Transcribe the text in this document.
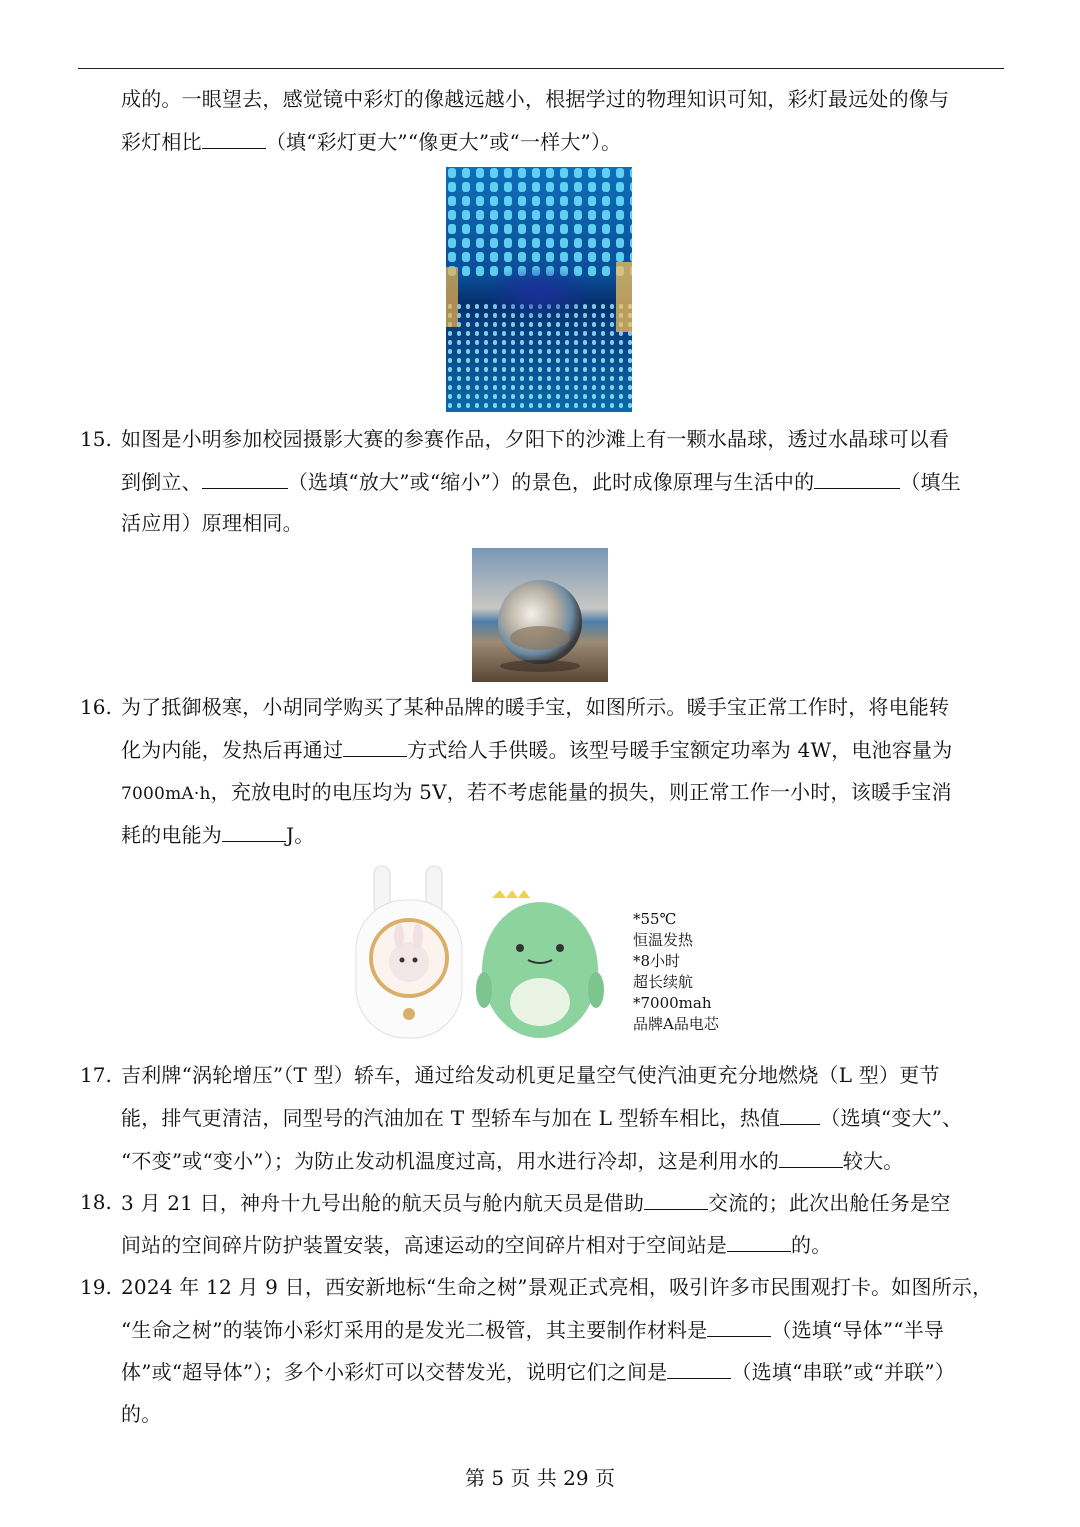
成的。一眼望去，感觉镜中彩灯的像越远越小，根据学过的物理知识可知，彩灯最远处的像与
彩灯相比	（填“彩灯更大”“像更大”或“一样大”）。
15. 如图是小明参加校园摄影大赛的参赛作品，夕阳下的沙滩上有一颗水晶球，透过水晶球可以看
到倒立、	（选填“放大”或“缩小”）的景色，此时成像原理与生活中的	（填生
活应用）原理相同。
16. 为了抵御极寒，小胡同学购买了某种品牌的暖手宝，如图所示。暖手宝正常工作时，将电能转
化为内能，发热后再通过	方式给人手供暖。该型号暖手宝额定功率为 4W，电池容量为
7000mA·h，充放电时的电压均为 5V，若不考虑能量的损失，则正常工作一小时，该暖手宝消
耗的电能为	J。
*55℃
恒温发热
*8小时
超长续航
*7000mah
品牌A品电芯
17. 吉利牌“涡轮增压”（T 型）轿车，通过给发动机更足量空气使汽油更充分地燃烧（L 型）更节
能，排气更清洁，同型号的汽油加在 T 型轿车与加在 L 型轿车相比，热值 （选填“变大”、
“不变”或“变小”）；为防止发动机温度过高，用水进行冷却，这是利用水的	较大。
18. 3 月 21 日，神舟十九号出舱的航天员与舱内航天员是借助	交流的；此次出舱任务是空
间站的空间碎片防护装置安装，高速运动的空间碎片相对于空间站是	的。
19. 2024 年 12 月 9 日，西安新地标“生命之树”景观正式亮相，吸引许多市民围观打卡。如图所示，
“生命之树”的装饰小彩灯采用的是发光二极管，其主要制作材料是	（选填“导体”“半导
体”或“超导体”）；多个小彩灯可以交替发光，说明它们之间是	（选填“串联”或“并联”）
的。
第 5 页 共 29 页
